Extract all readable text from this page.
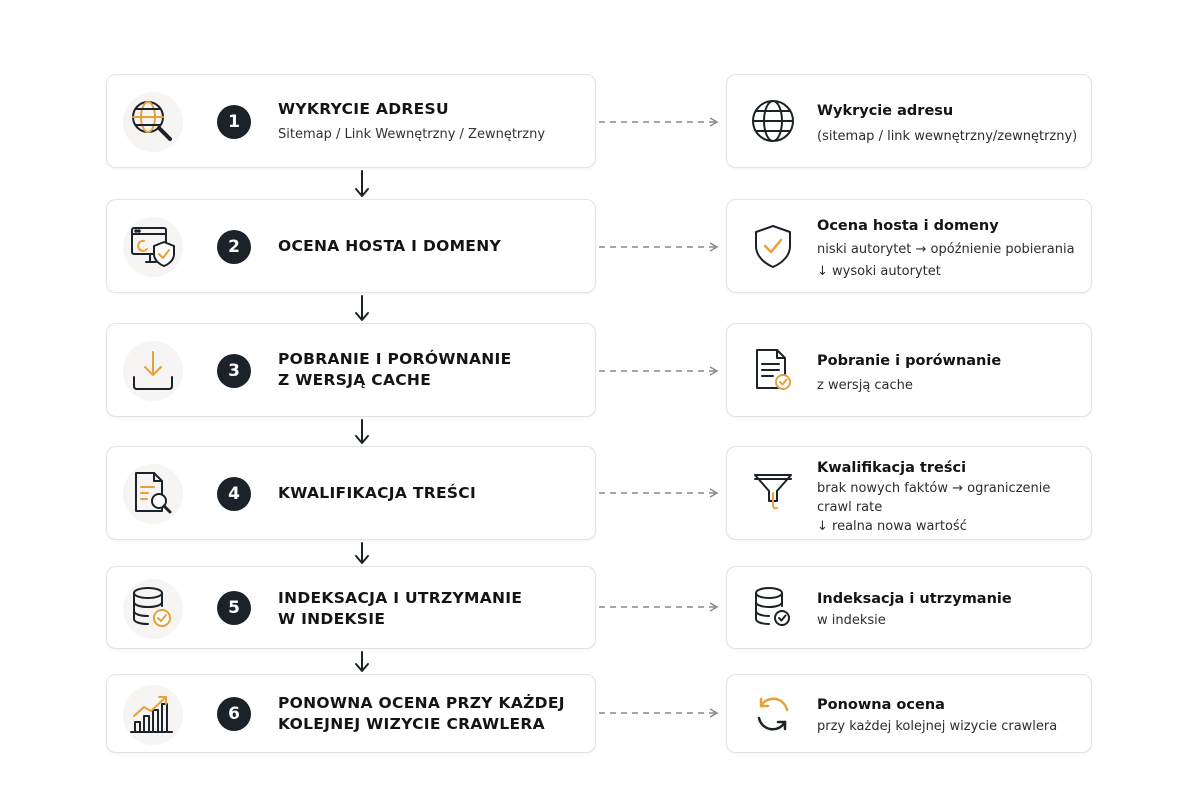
1
WYKRYCIE ADRESU
Sitemap / Link Wewnętrzny / Zewnętrzny
2	OCENA HOSTA I DOMENY
3
POBRANIE I PORÓWNANIE
Z WERSJĄ CACHE
4	KWALIFIKACJA TREŚCI
5	INDEKSACJA I UTRZYMANIE
W INDEKSIE
6
PONOWNA OCENA PRZY KAŻDEJ
KOLEJNEJ WIZYCIE CRAWLERA
Wykrycie adresu
(sitemap / link wewnętrzny/zewnętrzny)
Ocena hosta i domeny
niski autorytet → opóźnienie pobierania
↓ wysoki autorytet
Pobranie i porównanie
z wersją cache
Kwalifikacja treści
brak nowych faktów → ograniczenie
crawl rate
↓ realna nowa wartość
Indeksacja i utrzymanie
w indeksie
Ponowna ocena
przy każdej kolejnej wizycie crawlera
